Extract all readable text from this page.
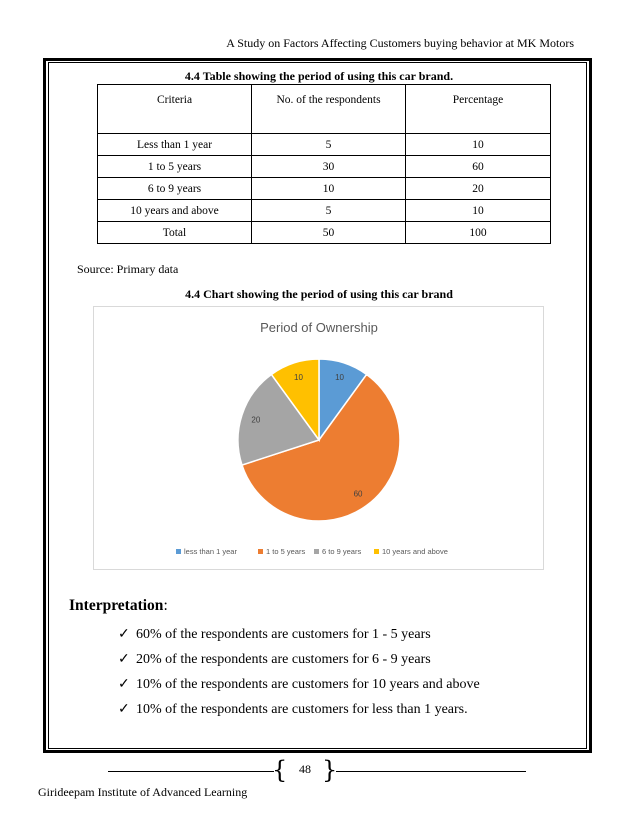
A Study on Factors Affecting Customers buying behavior at MK Motors
4.4 Table showing the period of using this car brand.
Criteria	No. of the respondents	Percentage
Less than 1 year	5	10
1 to 5 years	30	60
6 to 9 years	10	20
10 years and above	5	10
Total	50	100
Source: Primary data
4.4 Chart showing the period of using this car brand
Period of Ownership
10
60
20
10
less than 1 year	1 to 5 years 6 to 9 years	10 years and above
Interpretation:
✓ 60% of the respondents are customers for 1 - 5 years
✓ 20% of the respondents are customers for 6 - 9 years
✓ 10% of the respondents are customers for 10 years and above
✓ 10% of the respondents are customers for less than 1 years.
{ }
48
Girideepam Institute of Advanced Learning
